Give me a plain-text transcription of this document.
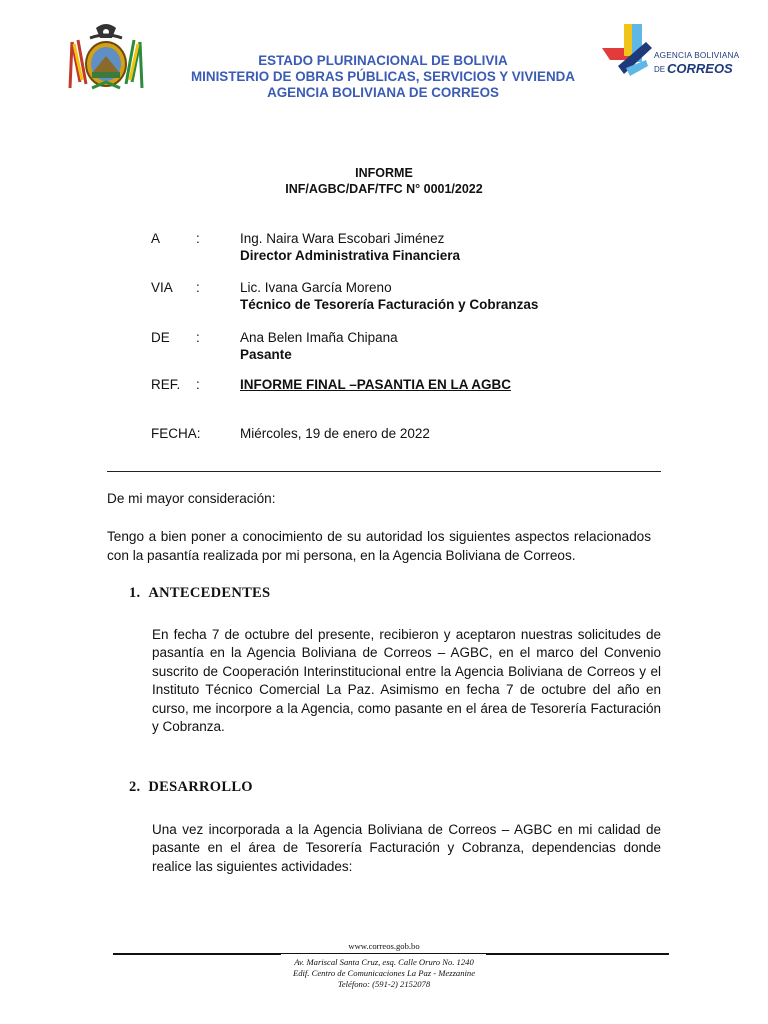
ESTADO PLURINACIONAL DE BOLIVIA
MINISTERIO DE OBRAS PÚBLICAS, SERVICIOS Y VIVIENDA
AGENCIA BOLIVIANA DE CORREOS
AGENCIA BOLIVIANA
DE CORREOS
INFORME
INF/AGBC/DAF/TFC N° 0001/2022
A	:	Ing. Naira Wara Escobari Jiménez
Director Administrativa Financiera
VIA :	Lic. Ivana García Moreno
Técnico de Tesorería Facturación y Cobranzas
DE :	Ana Belen Imaña Chipana
Pasante
REF. :	INFORME FINAL –PASANTIA EN LA AGBC
FECHA:	Miércoles, 19 de enero de 2022
De mi mayor consideración:
Tengo a bien poner a conocimiento de su autoridad los siguientes aspectos relacionados con la pasantía realizada por mi persona, en la Agencia Boliviana de Correos.
1. ANTECEDENTES
En fecha 7 de octubre del presente, recibieron y aceptaron nuestras solicitudes de pasantía en la Agencia Boliviana de Correos – AGBC, en el marco del Convenio suscrito de Cooperación Interinstitucional entre la Agencia Boliviana de Correos y el Instituto Técnico Comercial La Paz. Asimismo en fecha 7 de octubre del año en curso, me incorpore a la Agencia, como pasante en el área de Tesorería Facturación y Cobranza.
2. DESARROLLO
Una vez incorporada a la Agencia Boliviana de Correos – AGBC en mi calidad de pasante en el área de Tesorería Facturación y Cobranza, dependencias donde realice las siguientes actividades:
www.correos.gob.bo
Av. Mariscal Santa Cruz, esq. Calle Oruro No. 1240
Edif. Centro de Comunicaciones La Paz - Mezzanine
Teléfono: (591-2) 2152078
